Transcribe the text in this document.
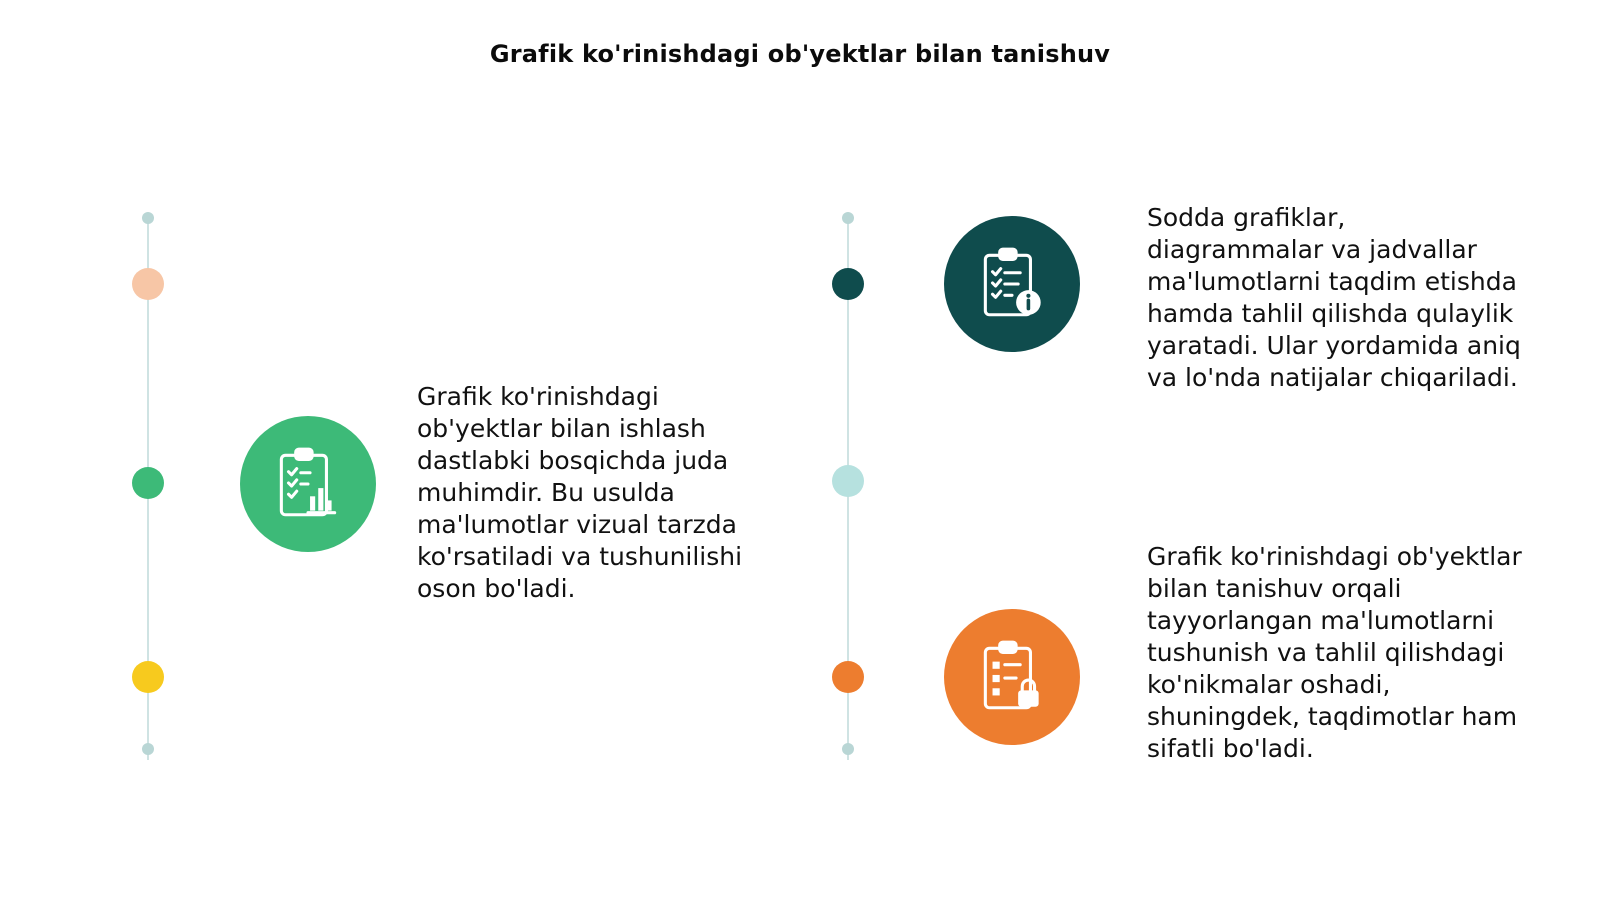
Grafik ko'rinishdagi ob'yektlar bilan tanishuv
Grafik ko'rinishdagi ob'yektlar bilan ishlash dastlabki bosqichda juda muhimdir. Bu usulda ma'lumotlar vizual tarzda ko'rsatiladi va tushunilishi oson bo'ladi.
Sodda grafiklar, diagrammalar va jadvallar ma'lumotlarni taqdim etishda hamda tahlil qilishda qulaylik yaratadi. Ular yordamida aniq va lo'nda natijalar chiqariladi.
Grafik ko'rinishdagi ob'yektlar bilan tanishuv orqali tayyorlangan ma'lumotlarni tushunish va tahlil qilishdagi ko'nikmalar oshadi, shuningdek, taqdimotlar ham sifatli bo'ladi.
